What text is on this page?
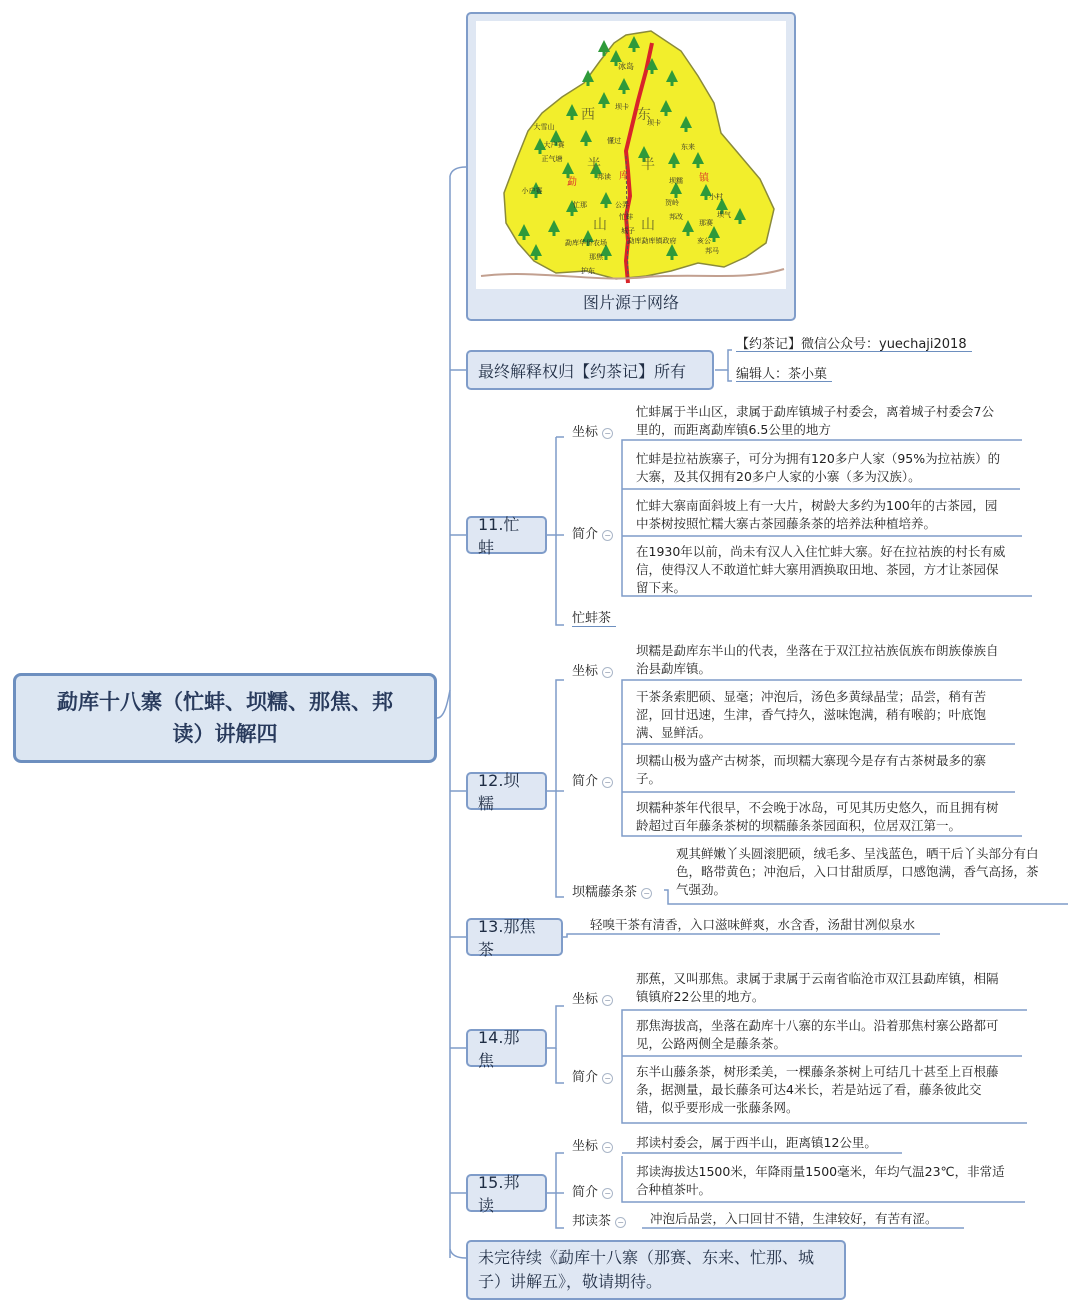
勐库十八寨（忙蚌、坝糯、那焦、邦
读）讲解四
冰岛
西	东
半	半
库
勐	镇
山 山
坝卡
懂过
大雪山
忙蚌
坝糯
城子
那焦
邦读
大户赛
忙那	公弄
东来
小户赛
那赛
坝气
小村
贺岭
亥公
邦改
坝卡
勐库华侨农场
正气塘
护东
邦马
勐库勐库镇政府
图片源于网络
最终解释权归【约茶记】所有
【约茶记】微信公众号：yuechaji2018
编辑人：茶小菓
11.忙蚌
坐标 −
忙蚌属于半山区，隶属于勐库镇城子村委会，离着城子村委会7公
里的，而距离勐库镇6.5公里的地方
简介 −
忙蚌是拉祜族寨子，可分为拥有120多户人家（95%为拉祜族）的
大寨，及其仅拥有20多户人家的小寨（多为汉族）。
忙蚌大寨南面斜坡上有一大片，树龄大多约为100年的古茶园，园
中茶树按照忙糯大寨古茶园藤条茶的培养法种植培养。
在1930年以前，尚未有汉人入住忙蚌大寨。好在拉祜族的村长有威
信，使得汉人不敢道忙蚌大寨用酒换取田地、茶园，方才让茶园保
留下来。
忙蚌茶
12.坝糯
坐标 −
坝糯是勐库东半山的代表，坐落在于双江拉祜族佤族布朗族傣族自
治县勐库镇。
简介 −
干茶条索肥硕、显毫；冲泡后，汤色多黄绿晶莹；品尝，稍有苦
涩，回甘迅速，生津，香气持久，滋味饱满，稍有喉韵；叶底饱
满、显鲜活。
坝糯山极为盛产古树茶，而坝糯大寨现今是存有古茶树最多的寨
子。
坝糯种茶年代很早，不会晚于冰岛，可见其历史悠久，而且拥有树
龄超过百年藤条茶树的坝糯藤条茶园面积，位居双江第一。
坝糯藤条茶 −
观其鲜嫩丫头圆滚肥硕，绒毛多、呈浅蓝色，晒干后丫头部分有白
色，略带黄色；冲泡后，入口甘甜质厚，口感饱满，香气高扬，茶
气强劲。
13.那焦茶
轻嗅干茶有清香，入口滋味鲜爽，水含香，汤甜甘冽似泉水
14.那焦
坐标 −
那蕉，又叫那焦。隶属于隶属于云南省临沧市双江县勐库镇，相隔
镇镇府22公里的地方。
简介 −
那焦海拔高，坐落在勐库十八寨的东半山。沿着那焦村寨公路都可
见，公路两侧全是藤条茶。
东半山藤条茶，树形柔美，一棵藤条茶树上可结几十甚至上百根藤
条，据测量，最长藤条可达4米长，若是站远了看，藤条彼此交
错，似乎要形成一张藤条网。
15.邦读
坐标 − 邦读村委会，属于西半山，距离镇12公里。
简介 −
邦读海拔达1500米，年降雨量1500毫米，年均气温23℃，非常适
合种植茶叶。
邦读茶 − 冲泡后品尝，入口回甘不错，生津较好，有苦有涩。
未完待续《勐库十八寨（那赛、东来、忙那、城
子）讲解五》，敬请期待。
